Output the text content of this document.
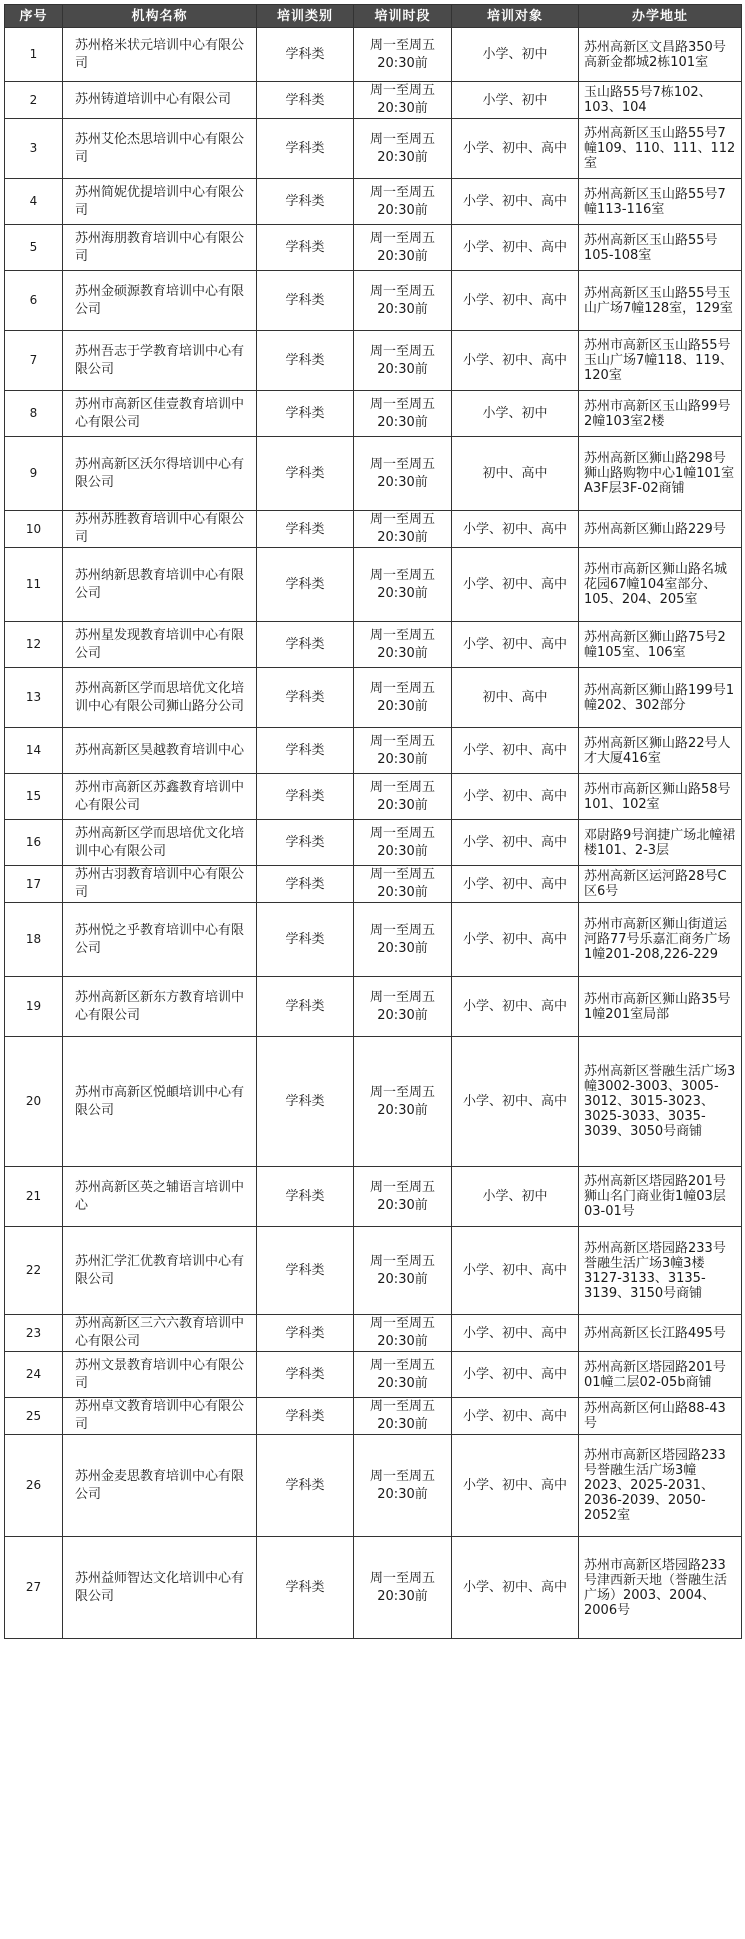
序号	机构名称	培训类别	培训时段	培训对象	办学地址
1	苏州格米状元培训中心有限公司	学科类	周一至周五 20:30前	小学、初中	苏州高新区文昌路350号高新金都城2栋101室
2	苏州铸道培训中心有限公司	学科类	周一至周五 20:30前	小学、初中	玉山路55号7栋102、103、104
3	苏州艾伦杰思培训中心有限公司	学科类	周一至周五 20:30前	小学、初中、高中	苏州高新区玉山路55号7幢109、110、111、112室
4	苏州简妮优提培训中心有限公司	学科类	周一至周五 20:30前	小学、初中、高中	苏州高新区玉山路55号7幢113-116室
5	苏州海朋教育培训中心有限公司	学科类	周一至周五 20:30前	小学、初中、高中	苏州高新区玉山路55号105-108室
6	苏州金硕源教育培训中心有限公司	学科类	周一至周五 20:30前	小学、初中、高中	苏州高新区玉山路55号玉山广场7幢128室，129室
7	苏州吾志于学教育培训中心有限公司	学科类	周一至周五 20:30前	小学、初中、高中	苏州市高新区玉山路55号玉山广场7幢118、119、120室
8	苏州市高新区佳壹教育培训中心有限公司	学科类	周一至周五 20:30前	小学、初中	苏州市高新区玉山路99号2幢103室2楼
9	苏州高新区沃尔得培训中心有限公司	学科类	周一至周五 20:30前	初中、高中	苏州高新区狮山路298号狮山路购物中心1幢101室A3F层3F-02商铺
10	苏州苏胜教育培训中心有限公司	学科类	周一至周五 20:30前	小学、初中、高中	苏州高新区狮山路229号
11	苏州纳新思教育培训中心有限公司	学科类	周一至周五 20:30前	小学、初中、高中	苏州市高新区狮山路名城花园67幢104室部分、105、204、205室
12	苏州星发现教育培训中心有限公司	学科类	周一至周五 20:30前	小学、初中、高中	苏州高新区狮山路75号2幢105室、106室
13	苏州高新区学而思培优文化培训中心有限公司狮山路分公司	学科类	周一至周五 20:30前	初中、高中	苏州高新区狮山路199号1幢202、302部分
14	苏州高新区昊越教育培训中心	学科类	周一至周五 20:30前	小学、初中、高中	苏州高新区狮山路22号人才大厦416室
15	苏州市高新区苏鑫教育培训中心有限公司	学科类	周一至周五 20:30前	小学、初中、高中	苏州市高新区狮山路58号101、102室
16	苏州高新区学而思培优文化培训中心有限公司	学科类	周一至周五 20:30前	小学、初中、高中	邓尉路9号润捷广场北幢裙楼101、2-3层
17	苏州古羽教育培训中心有限公司	学科类	周一至周五 20:30前	小学、初中、高中	苏州高新区运河路28号C区6号
18	苏州悦之乎教育培训中心有限公司	学科类	周一至周五 20:30前	小学、初中、高中	苏州市高新区狮山街道运河路77号乐嘉汇商务广场1幢201-208,226-229
19	苏州高新区新东方教育培训中心有限公司	学科类	周一至周五 20:30前	小学、初中、高中	苏州市高新区狮山路35号1幢201室局部
20	苏州市高新区悦頔培训中心有限公司	学科类	周一至周五 20:30前	小学、初中、高中	苏州高新区誉融生活广场3幢3002-3003、3005-3012、3015-3023、3025-3033、3035-3039、3050号商铺
21	苏州高新区英之辅语言培训中心	学科类	周一至周五 20:30前	小学、初中	苏州高新区塔园路201号狮山名门商业街1幢03层03-01号
22	苏州汇学汇优教育培训中心有限公司	学科类	周一至周五 20:30前	小学、初中、高中	苏州高新区塔园路233号誉融生活广场3幢3楼3127-3133、3135-3139、3150号商铺
23	苏州高新区三六六教育培训中心有限公司	学科类	周一至周五 20:30前	小学、初中、高中	苏州高新区长江路495号
24	苏州文景教育培训中心有限公司	学科类	周一至周五 20:30前	小学、初中、高中	苏州高新区塔园路201号01幢二层02-05b商铺
25	苏州卓文教育培训中心有限公司	学科类	周一至周五 20:30前	小学、初中、高中	苏州高新区何山路88-43号
26	苏州金麦思教育培训中心有限公司	学科类	周一至周五 20:30前	小学、初中、高中	苏州市高新区塔园路233号誉融生活广场3幢2023、2025-2031、2036-2039、2050-2052室
27	苏州益师智达文化培训中心有限公司	学科类	周一至周五 20:30前	小学、初中、高中	苏州市高新区塔园路233号津西新天地（誉融生活广场）2003、2004、2006号
